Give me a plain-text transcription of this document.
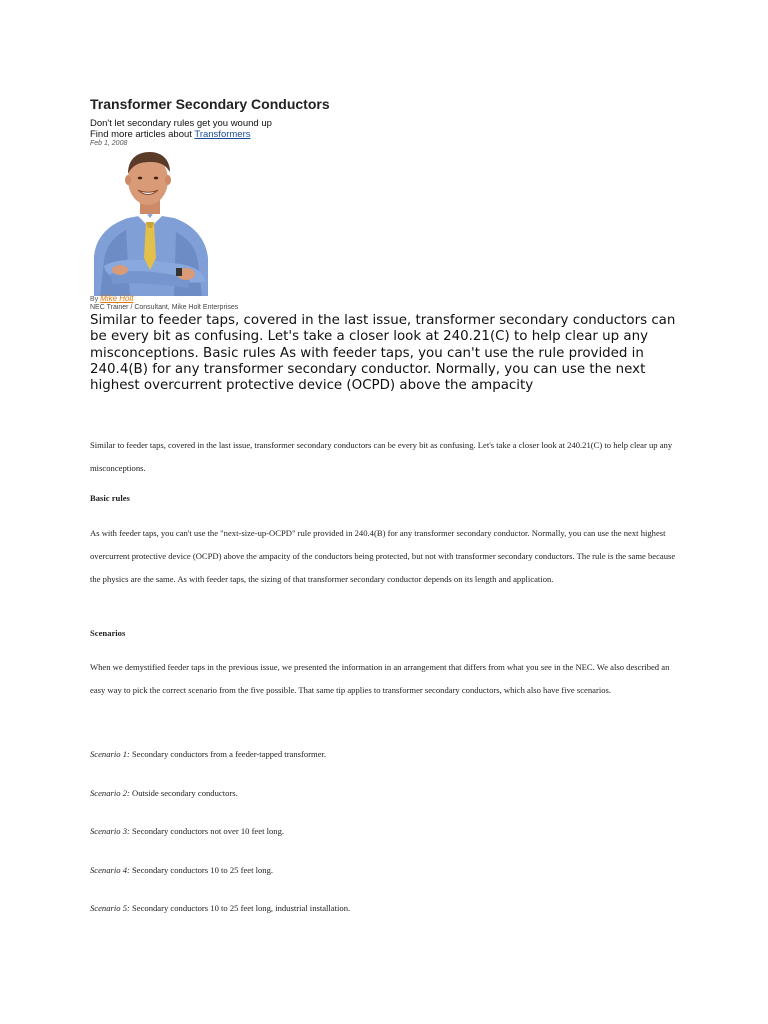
Transformer Secondary Conductors
Don't let secondary rules get you wound up
Find more articles about Transformers
Feb 1, 2008
By Mike Holt
NEC Trainer / Consultant, Mike Holt Enterprises
Similar to feeder taps, covered in the last issue, transformer secondary conductors can be every bit as confusing. Let's take a closer look at 240.21(C) to help clear up any misconceptions. Basic rules As with feeder taps, you can't use the rule provided in 240.4(B) for any transformer secondary conductor. Normally, you can use the next highest overcurrent protective device (OCPD) above the ampacity
Similar to feeder taps, covered in the last issue, transformer secondary conductors can be every bit as confusing. Let's take a closer look at 240.21(C) to help clear up any misconceptions.
Basic rules
As with feeder taps, you can't use the "next-size-up-OCPD" rule provided in 240.4(B) for any transformer secondary conductor. Normally, you can use the next highest overcurrent protective device (OCPD) above the ampacity of the conductors being protected, but not with transformer secondary conductors. The rule is the same because the physics are the same. As with feeder taps, the sizing of that transformer secondary conductor depends on its length and application.
Scenarios
When we demystified feeder taps in the previous issue, we presented the information in an arrangement that differs from what you see in the NEC. We also described an easy way to pick the correct scenario from the five possible. That same tip applies to transformer secondary conductors, which also have five scenarios.
Scenario 1: Secondary conductors from a feeder-tapped transformer.
Scenario 2: Outside secondary conductors.
Scenario 3: Secondary conductors not over 10 feet long.
Scenario 4: Secondary conductors 10 to 25 feet long.
Scenario 5: Secondary conductors 10 to 25 feet long, industrial installation.
